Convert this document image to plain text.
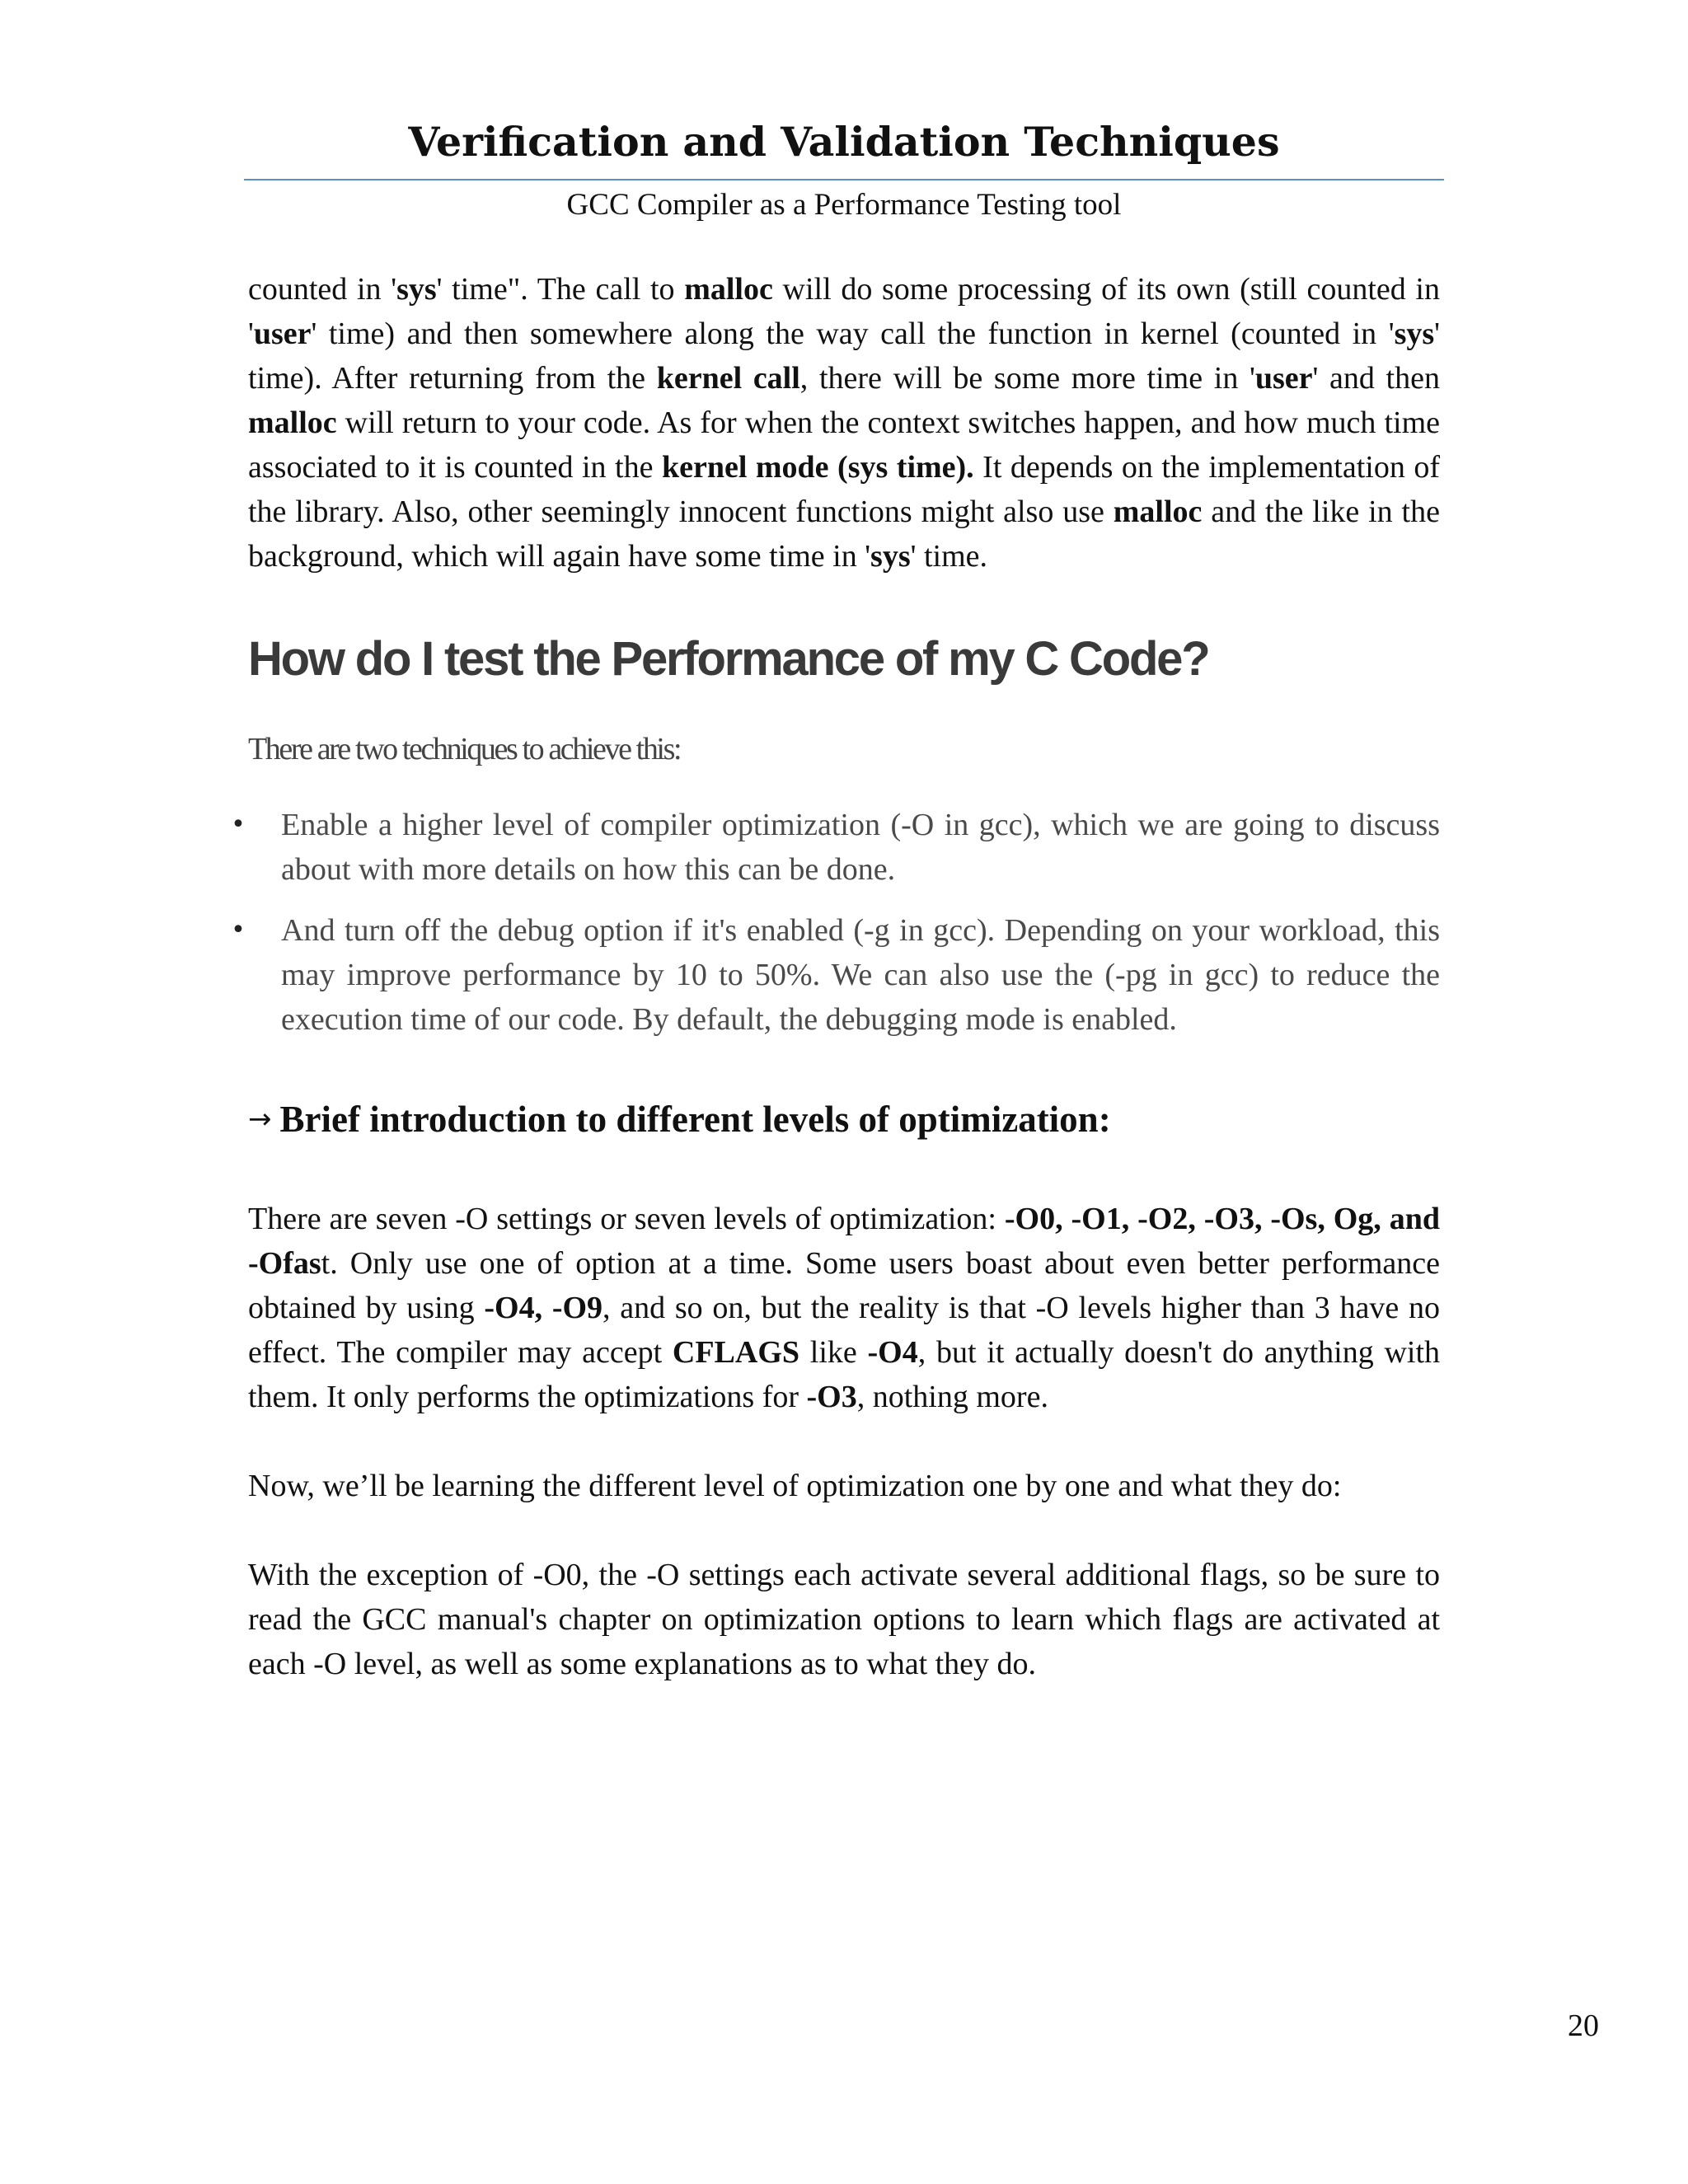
Verification and Validation Techniques
GCC Compiler as a Performance Testing tool

counted in 'sys' time". The call to malloc will do some processing of its own (still counted in 'user' time) and then somewhere along the way call the function in kernel (counted in 'sys' time). After returning from the kernel call, there will be some more time in 'user' and then malloc will return to your code. As for when the context switches happen, and how much time associated to it is counted in the kernel mode (sys time). It depends on the implementation of the library. Also, other seemingly innocent functions might also use malloc and the like in the background, which will again have some time in 'sys' time.

How do I test the Performance of my C Code?

There are two techniques to achieve this:

• Enable a higher level of compiler optimization (-O in gcc), which we are going to discuss about with more details on how this can be done.
• And turn off the debug option if it's enabled (-g in gcc). Depending on your workload, this may improve performance by 10 to 50%. We can also use the (-pg in gcc) to reduce the execution time of our code. By default, the debugging mode is enabled.
→ Brief introduction to different levels of optimization:

There are seven -O settings or seven levels of optimization: -O0, -O1, -O2, -O3, -Os, Og, and -Ofast. Only use one of option at a time. Some users boast about even better performance obtained by using -O4, -O9, and so on, but the reality is that -O levels higher than 3 have no effect. The compiler may accept CFLAGS like -O4, but it actually doesn't do anything with them. It only performs the optimizations for -O3, nothing more.

Now, we’ll be learning the different level of optimization one by one and what they do:

With the exception of -O0, the -O settings each activate several additional flags, so be sure to read the GCC manual's chapter on optimization options to learn which flags are activated at each -O level, as well as some explanations as to what they do.

20
